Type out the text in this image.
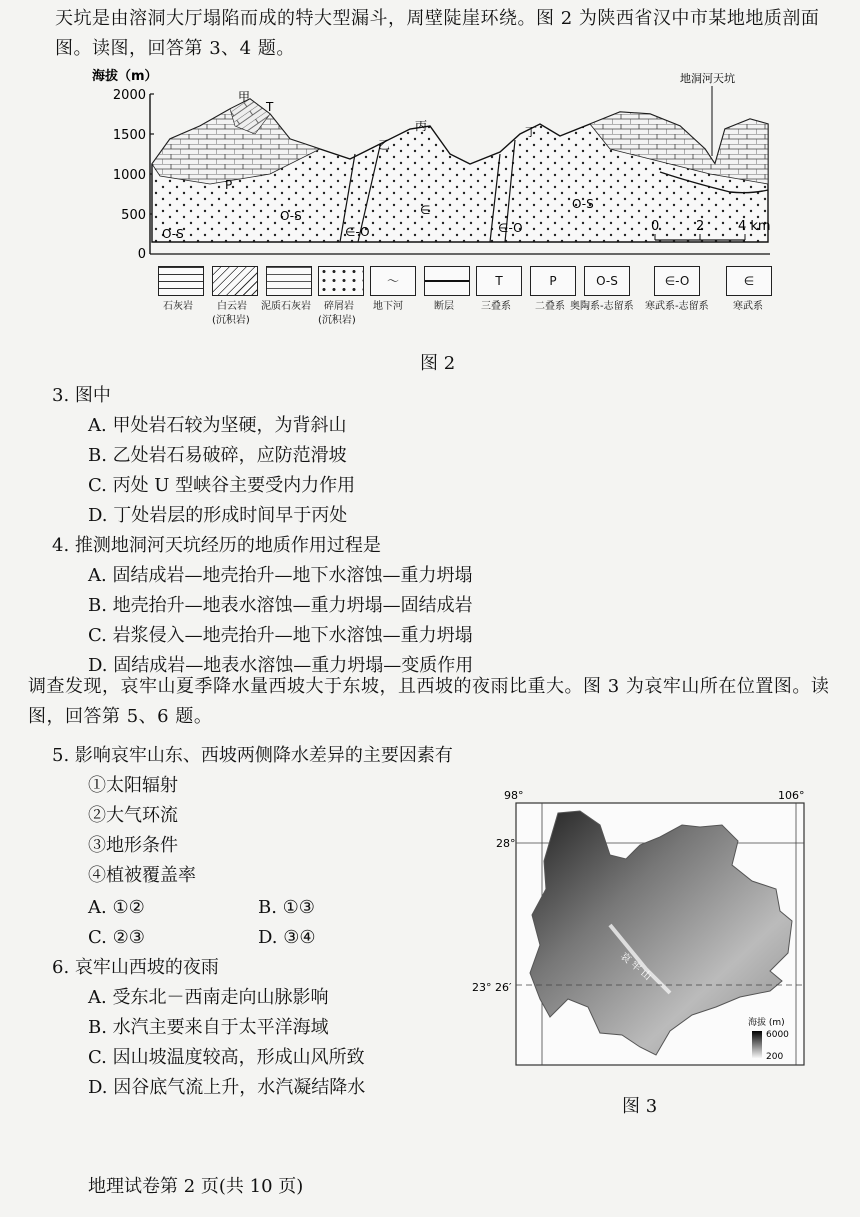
天坑是由溶洞大厅塌陷而成的特大型漏斗，周壁陡崖环绕。图 2 为陕西省汉中市某地地质剖面图。读图，回答第 3、4 题。
海拔（m）
2000
1500
1000
500
0
地洞河天坑
甲
乙
丙	丁
T
P
O-S
O-S
∈-O
∈
∈-O
O-S
0	2	4 km
石灰岩 白云岩
(沉积岩)
泥质石灰岩 碎屑岩
(沉积岩)
～
地下河	断层
T
三叠系
P
二叠系
O-S
奥陶系-志留系
∈-O
寒武系-志留系
∈
寒武系
图 2
3. 图中
A. 甲处岩石较为坚硬，为背斜山
B. 乙处岩石易破碎，应防范滑坡
C. 丙处 U 型峡谷主要受内力作用
D. 丁处岩层的形成时间早于丙处
4. 推测地洞河天坑经历的地质作用过程是
A. 固结成岩—地壳抬升—地下水溶蚀—重力坍塌
B. 地壳抬升—地表水溶蚀—重力坍塌—固结成岩
C. 岩浆侵入—地壳抬升—地下水溶蚀—重力坍塌
D. 固结成岩—地表水溶蚀—重力坍塌—变质作用
调查发现，哀牢山夏季降水量西坡大于东坡，且西坡的夜雨比重大。图 3 为哀牢山所在位置图。读图，回答第 5、6 题。
5. 影响哀牢山东、西坡两侧降水差异的主要因素有
①太阳辐射
②大气环流
③地形条件
④植被覆盖率
A. ①②	B. ①③
C. ②③	D. ③④
6. 哀牢山西坡的夜雨
A. 受东北－西南走向山脉影响
B. 水汽主要来自于太平洋海域
C. 因山坡温度较高，形成山风所致
D. 因谷底气流上升，水汽凝结降水
98°	106°
28°
23° 26′
哀 牢 山
海拔 (m)
6000
200
图 3
地理试卷第 2 页(共 10 页)
